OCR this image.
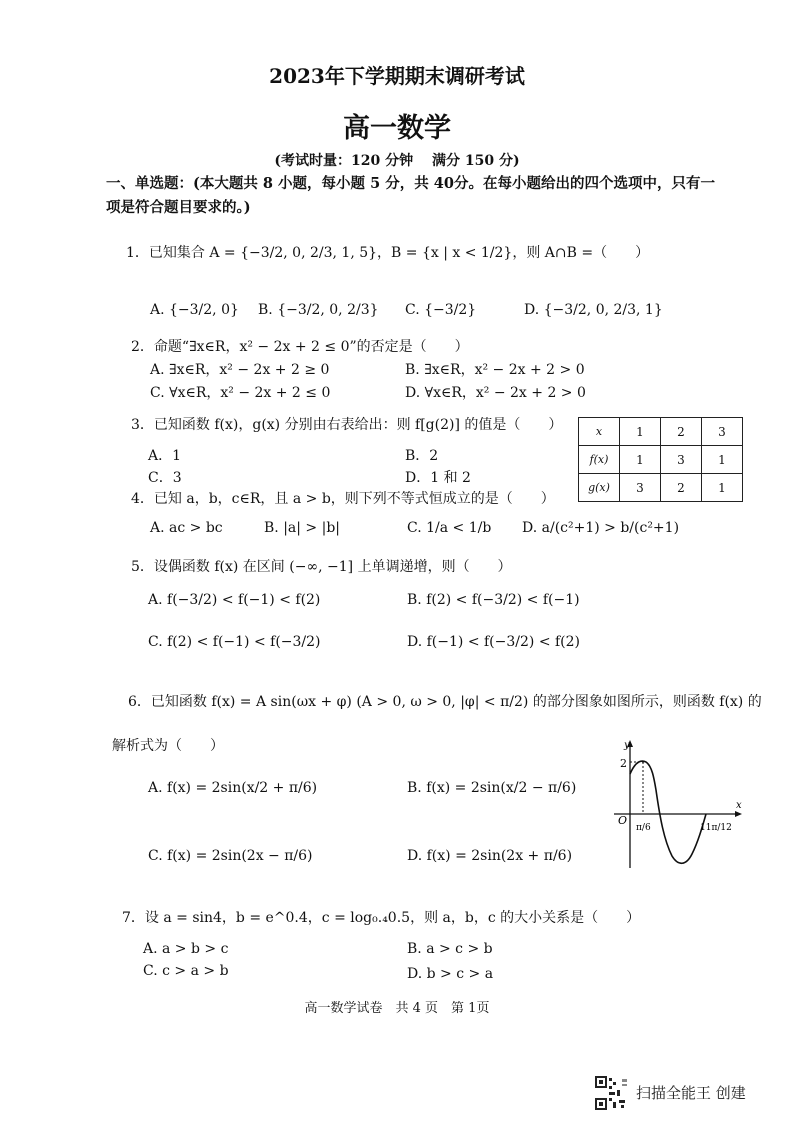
2023年下学期期末调研考试
高一数学
(考试时量：120 分钟　 满分 150 分)
一、单选题：(本大题共 8 小题，每小题 5 分，共 40分。在每小题给出的四个选项中，只有一
项是符合题目要求的。)
1．已知集合 A = {−3/2, 0, 2/3, 1, 5}，B = {x | x < 1/2}，则 A∩B =（　　）
A. {−3/2, 0} B. {−3/2, 0, 2/3} C. {−3/2}	D. {−3/2, 0, 2/3, 1}
2．命题“∃x∈R，x² − 2x + 2 ≤ 0”的否定是（　　）
A. ∃x∈R，x² − 2x + 2 ≥ 0	B. ∃x∈R，x² − 2x + 2 > 0
C. ∀x∈R，x² − 2x + 2 ≤ 0	D. ∀x∈R，x² − 2x + 2 > 0
3．已知函数 f(x)，g(x) 分别由右表给出：则 f[g(2)] 的值是（　　）
A．1	B．2
C．3	D．1 和 2
x	1	2	3
f(x)	1	3	1
g(x)	3	2	1
4．已知 a，b，c∈R，且 a > b，则下列不等式恒成立的是（　　）
A. ac > bc	B. |a| > |b|	C. 1/a < 1/b D. a/(c²+1) > b/(c²+1)
5．设偶函数 f(x) 在区间 (−∞, −1] 上单调递增，则（　　）
A. f(−3/2) < f(−1) < f(2)	B. f(2) < f(−3/2) < f(−1)
C. f(2) < f(−1) < f(−3/2)	D. f(−1) < f(−3/2) < f(2)
6．已知函数 f(x) = A sin(ωx + φ) (A > 0, ω > 0, |φ| < π/2) 的部分图象如图所示，则函数 f(x) 的
解析式为（　　）
A. f(x) = 2sin(x/2 + π/6)	B. f(x) = 2sin(x/2 − π/6)
C. f(x) = 2sin(2x − π/6)	D. f(x) = 2sin(2x + π/6)
y
x
O
2
π/6	11π/12
7．设 a = sin4，b = e^0.4，c = log₀.₄0.5，则 a，b，c 的大小关系是（　　）
A. a > b > c	B. a > c > b
C. c > a > b	D. b > c > a
高一数学试卷　共 4 页　第 1页
扫描全能王 创建
